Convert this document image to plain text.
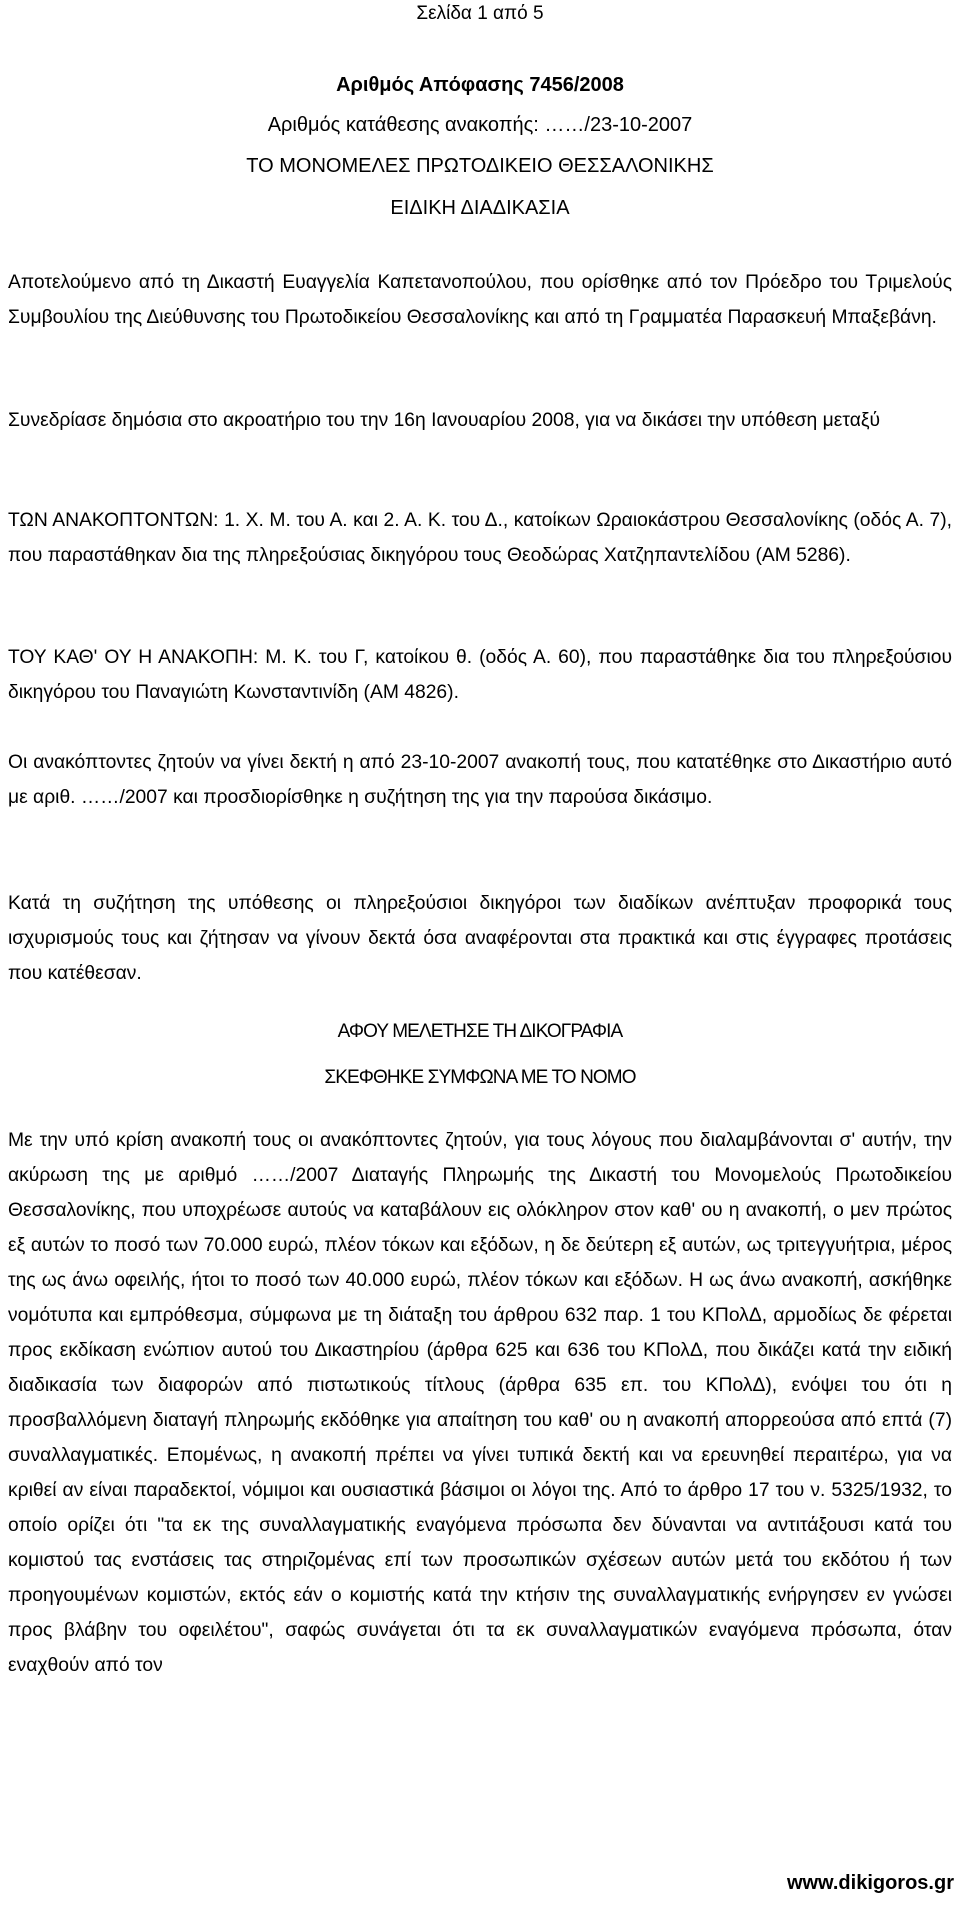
Σελίδα 1 από 5
Αριθμός Απόφασης 7456/2008
Αριθμός κατάθεσης ανακοπής: ……/23-10-2007
ΤΟ ΜΟΝΟΜΕΛΕΣ ΠΡΩΤΟΔΙΚΕΙΟ ΘΕΣΣΑΛΟΝΙΚΗΣ
ΕΙΔΙΚΗ ΔΙΑΔΙΚΑΣΙΑ
Αποτελούμενο από τη Δικαστή Ευαγγελία Καπετανοπούλου, που ορίσθηκε από τον Πρόεδρο του Τριμελούς Συμβουλίου της Διεύθυνσης του Πρωτοδικείου Θεσσαλονίκης και από τη Γραμματέα Παρασκευή Μπαξεβάνη.
Συνεδρίασε δημόσια στο ακροατήριο του την 16η Ιανουαρίου 2008, για να δικάσει την υπόθεση μεταξύ
ΤΩΝ ΑΝΑΚΟΠΤΟΝΤΩΝ: 1. Χ. Μ. του Α. και 2. Α. Κ. του Δ., κατοίκων Ωραιοκάστρου Θεσσαλονίκης (οδός Α. 7), που παραστάθηκαν δια της πληρεξούσιας δικηγόρου τους Θεοδώρας Χατζηπαντελίδου (ΑΜ 5286).
ΤΟΥ ΚΑΘ' ΟΥ Η ΑΝΑΚΟΠΗ: Μ. Κ. του Γ, κατοίκου θ. (οδός Α. 60), που παραστάθηκε δια του πληρεξούσιου δικηγόρου του Παναγιώτη Κωνσταντινίδη (ΑΜ 4826).
Οι ανακόπτοντες ζητούν να γίνει δεκτή η από 23-10-2007 ανακοπή τους, που κατατέθηκε στο Δικαστήριο αυτό με αριθ. ……/2007 και προσδιορίσθηκε η συζήτηση της για την παρούσα δικάσιμο.
Κατά τη συζήτηση της υπόθεσης οι πληρεξούσιοι δικηγόροι των διαδίκων ανέπτυξαν προφορικά τους ισχυρισμούς τους και ζήτησαν να γίνουν δεκτά όσα αναφέρονται στα πρακτικά και στις έγγραφες προτάσεις που κατέθεσαν.
ΑΦΟΥ ΜΕΛΕΤΗΣΕ ΤΗ ΔΙΚΟΓΡΑΦΙΑ
ΣΚΕΦΘΗΚΕ ΣΥΜΦΩΝΑ ΜΕ ΤΟ ΝΟΜΟ
Με την υπό κρίση ανακοπή τους οι ανακόπτοντες ζητούν, για τους λόγους που διαλαμβάνονται σ' αυτήν, την ακύρωση της με αριθμό ……/2007 Διαταγής Πληρωμής της Δικαστή του Μονομελούς Πρωτοδικείου Θεσσαλονίκης, που υποχρέωσε αυτούς να καταβάλουν εις ολόκληρον στον καθ' ου η ανακοπή, ο μεν πρώτος εξ αυτών το ποσό των 70.000 ευρώ, πλέον τόκων και εξόδων, η δε δεύτερη εξ αυτών, ως τριτεγγυήτρια, μέρος της ως άνω οφειλής, ήτοι το ποσό των 40.000 ευρώ, πλέον τόκων και εξόδων. Η ως άνω ανακοπή, ασκήθηκε νομότυπα και εμπρόθεσμα, σύμφωνα με τη διάταξη του άρθρου 632 παρ. 1 του ΚΠολΔ, αρμοδίως δε φέρεται προς εκδίκαση ενώπιον αυτού του Δικαστηρίου (άρθρα 625 και 636 του ΚΠολΔ, που δικάζει κατά την ειδική διαδικασία των διαφορών από πιστωτικούς τίτλους (άρθρα 635 επ. του ΚΠολΔ), ενόψει του ότι η προσβαλλόμενη διαταγή πληρωμής εκδόθηκε για απαίτηση του καθ' ου η ανακοπή απορρεούσα από επτά (7) συναλλαγματικές. Επομένως, η ανακοπή πρέπει να γίνει τυπικά δεκτή και να ερευνηθεί περαιτέρω, για να κριθεί αν είναι παραδεκτοί, νόμιμοι και ουσιαστικά βάσιμοι οι λόγοι της. Από το άρθρο 17 του ν. 5325/1932, το οποίο ορίζει ότι "τα εκ της συναλλαγματικής εναγόμενα πρόσωπα δεν δύνανται να αντιτάξουσι κατά του κομιστού τας ενστάσεις τας στηριζομένας επί των προσωπικών σχέσεων αυτών μετά του εκδότου ή των προηγουμένων κομιστών, εκτός εάν ο κομιστής κατά την κτήσιν της συναλλαγματικής ενήργησεν εν γνώσει προς βλάβην του οφειλέτου", σαφώς συνάγεται ότι τα εκ συναλλαγματικών εναγόμενα πρόσωπα, όταν εναχθούν από τον
www.dikigoros.gr
